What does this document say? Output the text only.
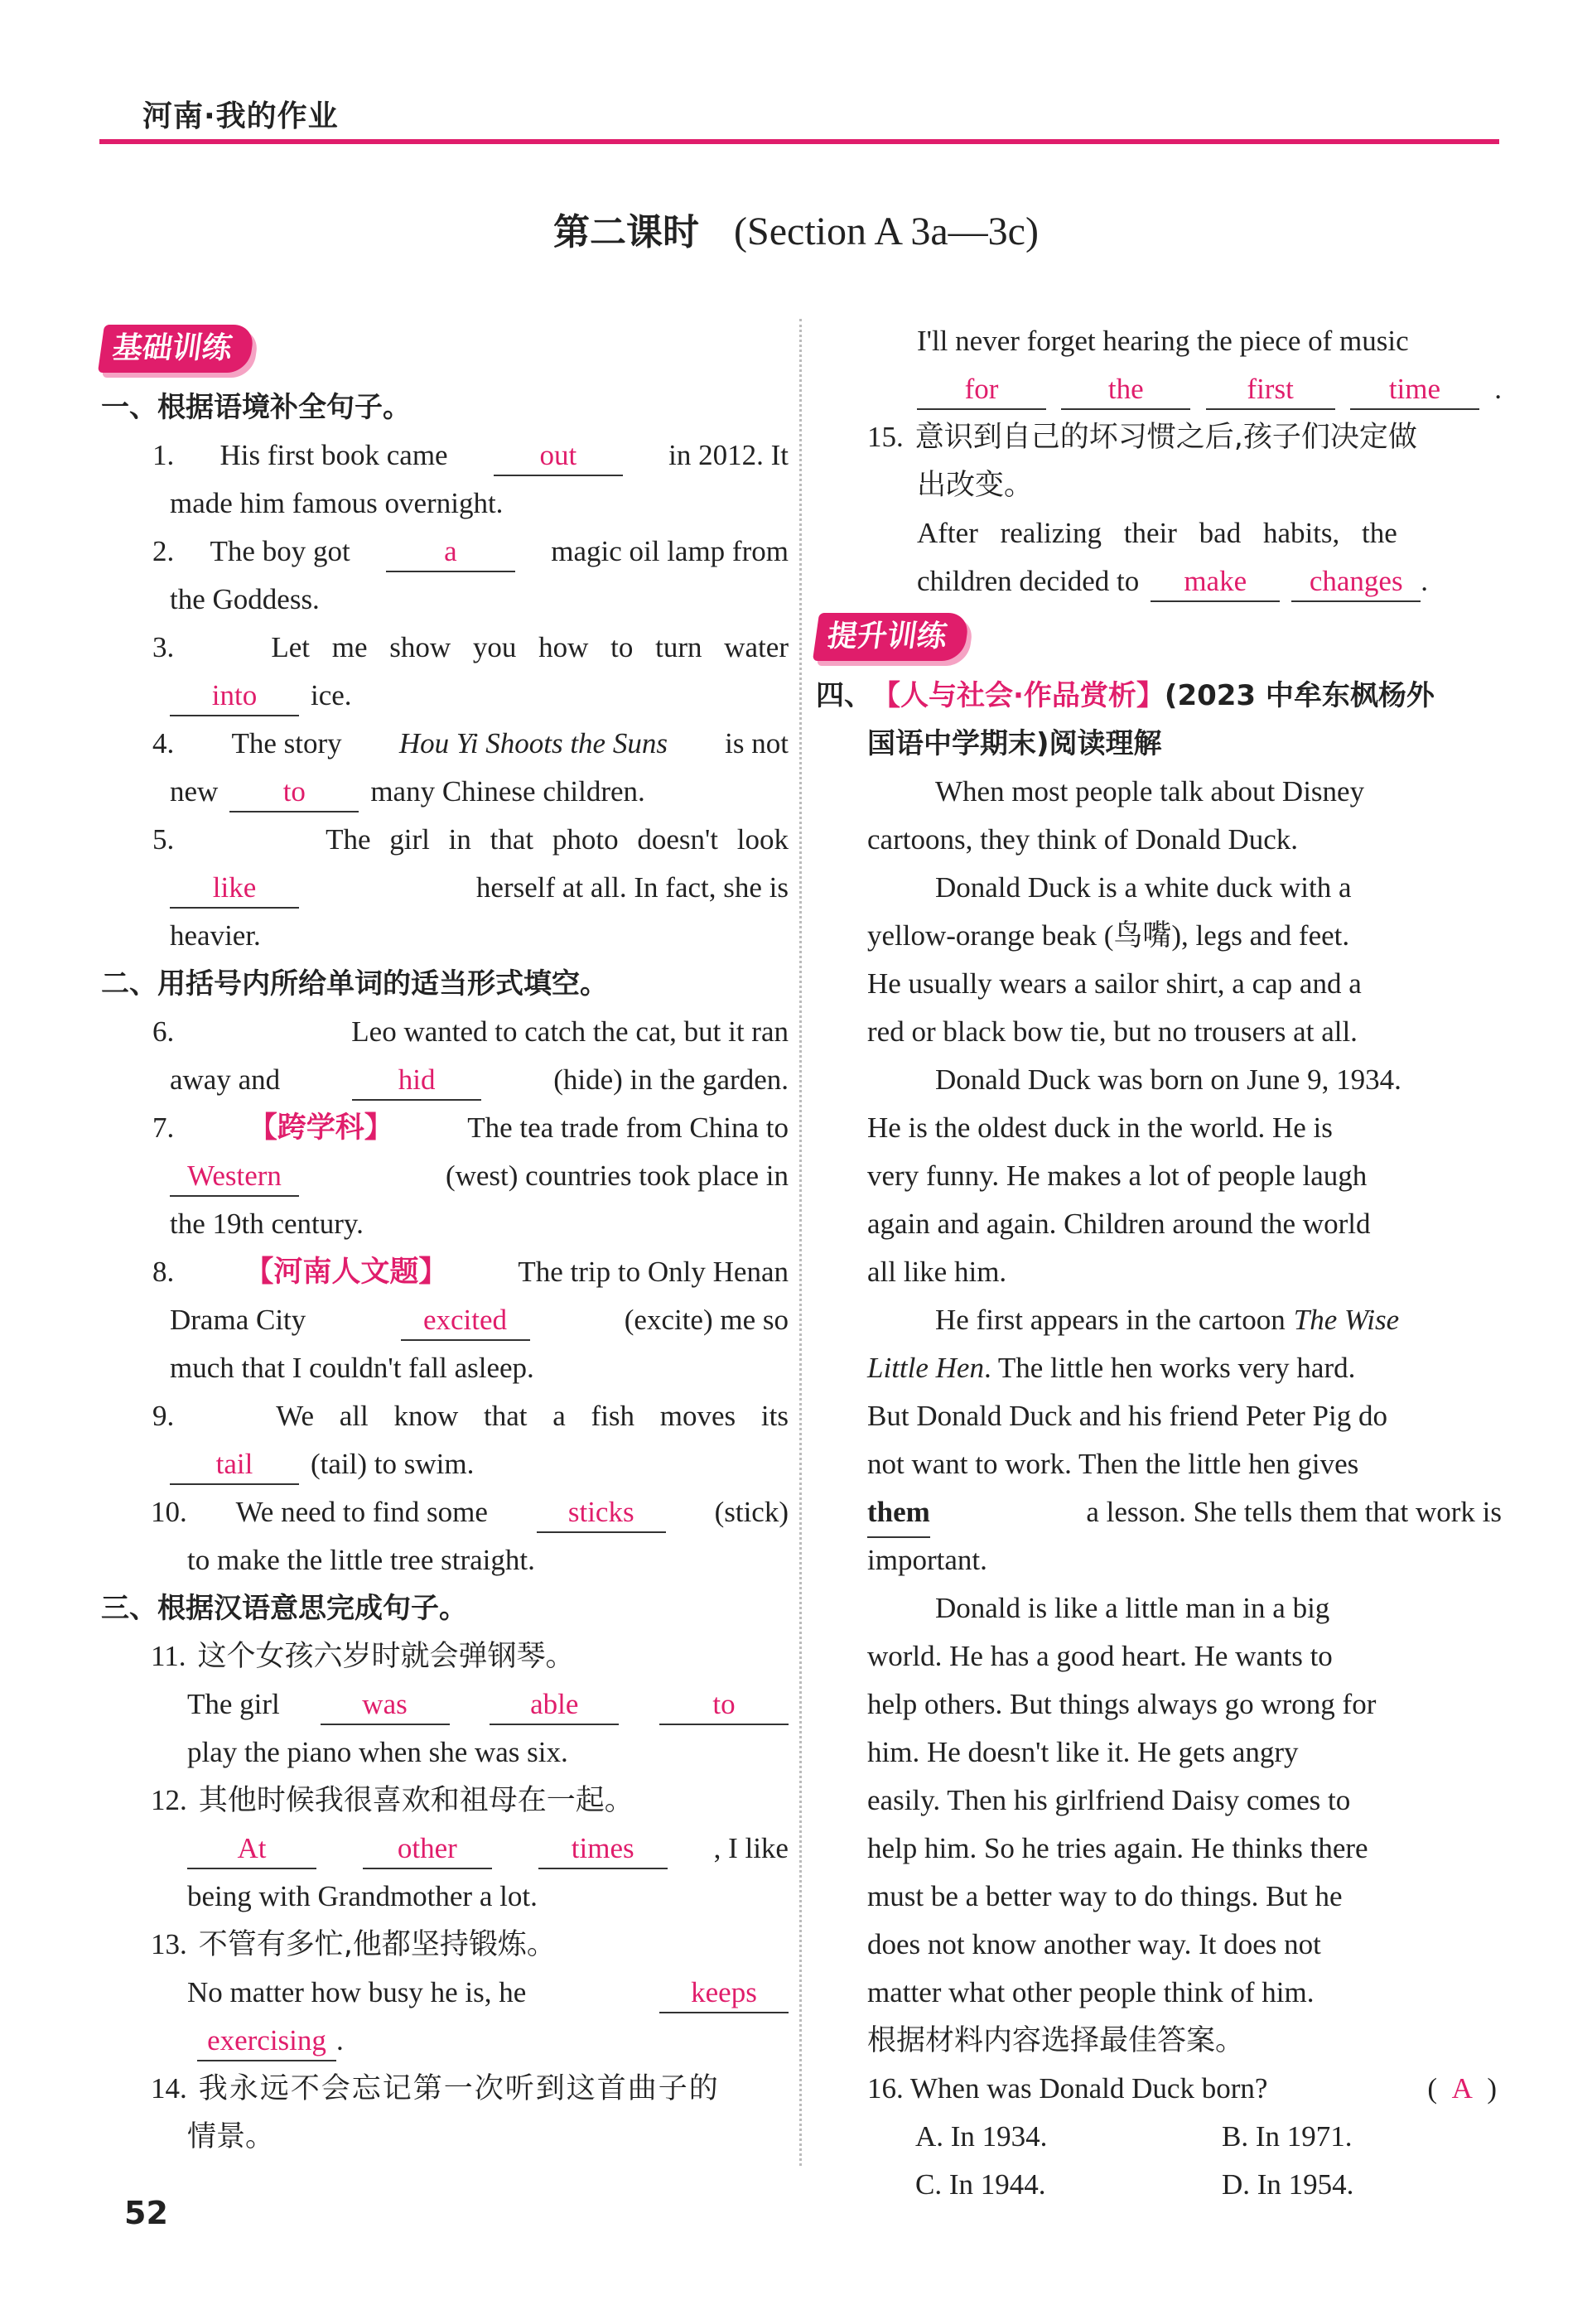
河南·我的作业
第二课时 (Section A 3a—3c)
基础训练
一、根据语境补全句子。
1. His first book came	out	in 2012. It
made him famous overnight.
2. The boy got	a	magic oil lamp from
the Goddess.
3.	Let me show you how to turn water
into	ice.
4. The story Hou Yi Shoots the Suns is not
new	to	many Chinese children.
5.	The girl in that photo doesn't look
like	herself at all. In fact, she is
heavier.
二、用括号内所给单词的适当形式填空。
6.	Leo wanted to catch the cat, but it ran
away and	hid	(hide) in the garden.
7.	【跨学科】	The tea trade from China to
Western	(west) countries took place in
the 19th century.
8. 【河南人文题】 The trip to Only Henan
Drama City	excited	(excite) me so
much that I couldn't fall asleep.
9.	We all know that a fish moves its
tail	(tail) to swim.
10. We need to find some	sticks	(stick)
to make the little tree straight.
三、根据汉语意思完成句子。
11. 这个女孩六岁时就会弹钢琴。
The girl	was	able	to
play the piano when she was six.
12. 其他时候我很喜欢和祖母在一起。
At	other	times	, I like
being with Grandmother a lot.
13. 不管有多忙,他都坚持锻炼。
No matter how busy he is, he	keeps
exercising .
14. 我永远不会忘记第一次听到这首曲子的
情景。
I'll never forget hearing the piece of music
for	the	first	time	.
15. 意识到自己的坏习惯之后,孩子们决定做
出改变。
After realizing their bad habits, the
children decided to	make	changes .
提升训练
四、 【人与社会·作品赏析】 (2023 中牟东枫杨外
国语中学期末)阅读理解
When most people talk about Disney
cartoons, they think of Donald Duck.
Donald Duck is a white duck with a
yellow-orange beak (鸟嘴), legs and feet.
He usually wears a sailor shirt, a cap and a
red or black bow tie, but no trousers at all.
Donald Duck was born on June 9, 1934.
He is the oldest duck in the world. He is
very funny. He makes a lot of people laugh
again and again. Children around the world
all like him.
He first appears in the cartoon The Wise
Little Hen . The little hen works very hard.
But Donald Duck and his friend Peter Pig do
not want to work. Then the little hen gives
them	a lesson. She tells them that work is
important.
Donald is like a little man in a big
world. He has a good heart. He wants to
help others. But things always go wrong for
him. He doesn't like it. He gets angry
easily. Then his girlfriend Daisy comes to
help him. So he tries again. He thinks there
must be a better way to do things. But he
does not know another way. It does not
matter what other people think of him.
根据材料内容选择最佳答案。
16. When was Donald Duck born?	(  A  )
A. In 1934.	B. In 1971.
C. In 1944.	D. In 1954.
52
